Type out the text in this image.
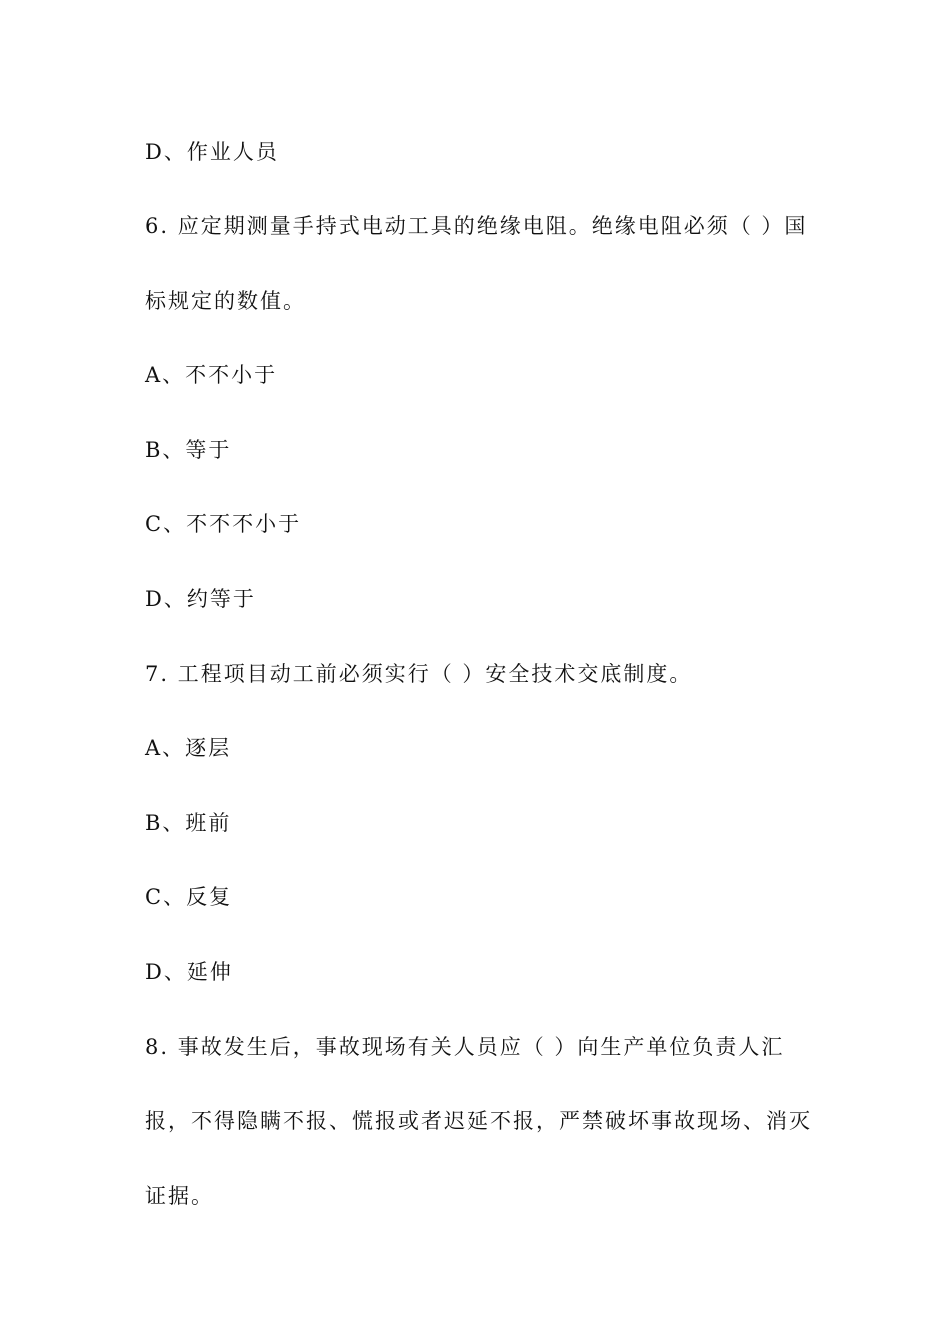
D、作业人员
6. 应定期测量手持式电动工具的绝缘电阻。绝缘电阻必须（ ）国
标规定的数值。
A、不不小于
B、等于
C、不不不小于
D、约等于
7. 工程项目动工前必须实行（ ）安全技术交底制度。
A、逐层
B、班前
C、反复
D、延伸
8. 事故发生后，事故现场有关人员应（ ）向生产单位负责人汇
报，不得隐瞒不报、慌报或者迟延不报，严禁破坏事故现场、消灭
证据。
